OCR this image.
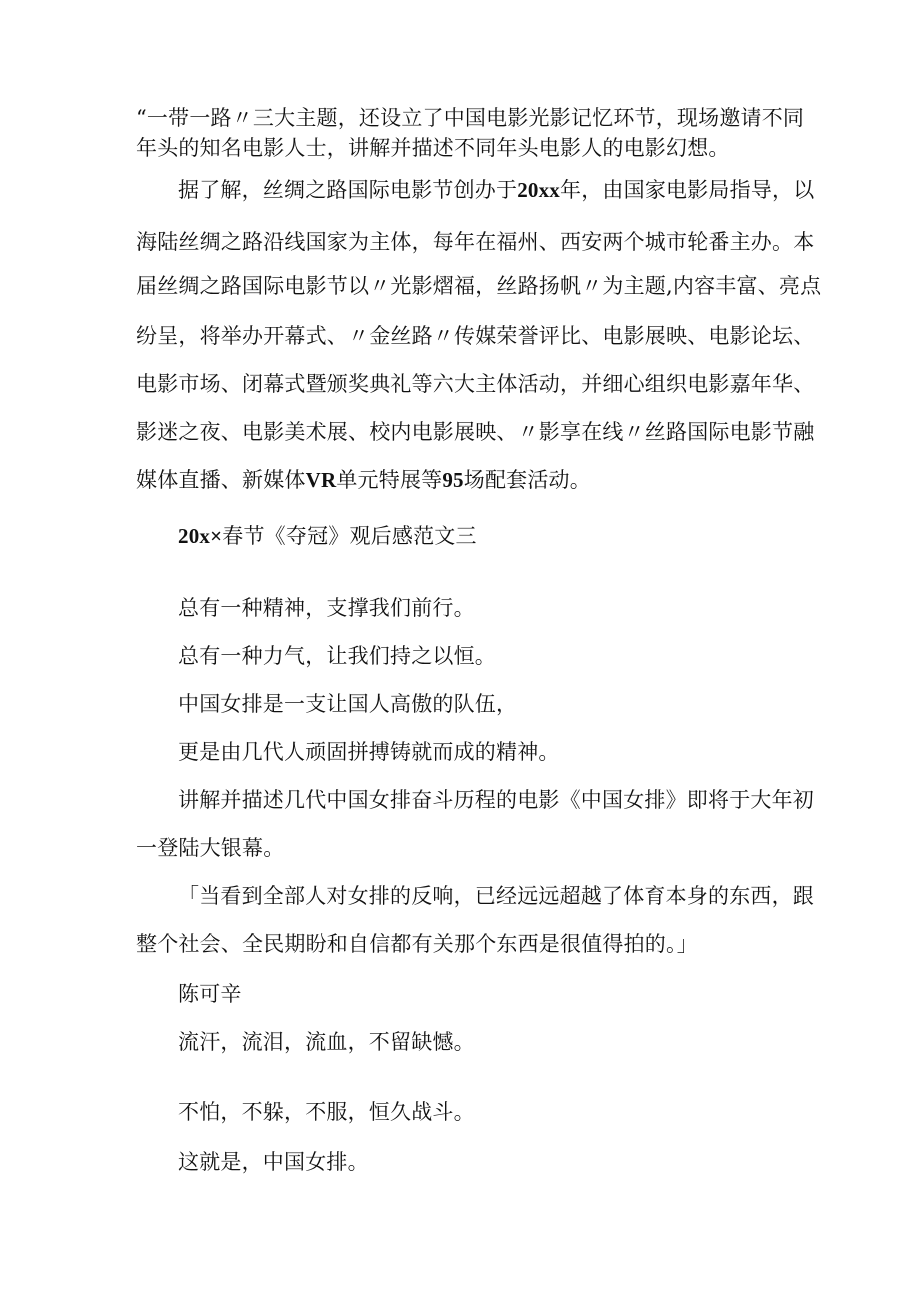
“一带一路〃三大主题，还设立了中国电影光影记忆环节，现场邀请不同
年头的知名电影人士，讲解并描述不同年头电影人的电影幻想。
据了解，丝绸之路国际电影节创办于20xx年，由国家电影局指导，以
海陆丝绸之路沿线国家为主体，每年在福州、西安两个城市轮番主办。本
届丝绸之路国际电影节以〃光影熠福，丝路扬帆〃为主题,内容丰富、亮点
纷呈，将举办开幕式、〃金丝路〃传媒荣誉评比、电影展映、电影论坛、
电影市场、闭幕式暨颁奖典礼等六大主体活动，并细心组织电影嘉年华、
影迷之夜、电影美术展、校内电影展映、〃影享在线〃丝路国际电影节融
媒体直播、新媒体VR单元特展等95场配套活动。
20x×春节《夺冠》观后感范文三
总有一种精神，支撑我们前行。
总有一种力气，让我们持之以恒。
中国女排是一支让国人高傲的队伍，
更是由几代人顽固拼搏铸就而成的精神。
讲解并描述几代中国女排奋斗历程的电影《中国女排》即将于大年初
一登陆大银幕。
「当看到全部人对女排的反响，已经远远超越了体育本身的东西，跟
整个社会、全民期盼和自信都有关那个东西是很值得拍的。」
陈可辛
流汗，流泪，流血，不留缺憾。
不怕，不躲，不服，恒久战斗。
这就是，中国女排。
